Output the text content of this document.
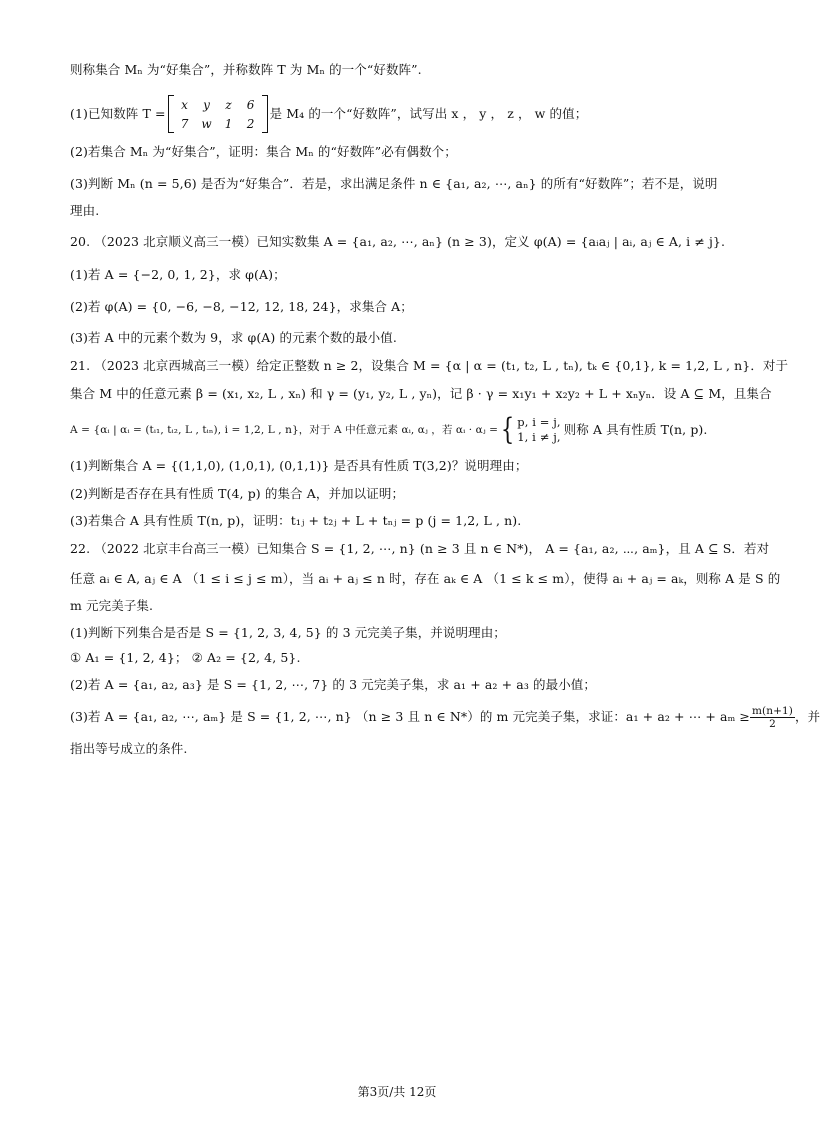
则称集合 Mₙ 为“好集合”，并称数阵 T 为 Mₙ 的一个“好数阵”.
(1)已知数阵 T =
x y z 6
7 w 1 2
是 M₄ 的一个“好数阵”，试写出 x ， y ， z ， w 的值；
(2)若集合 Mₙ 为“好集合”，证明：集合 Mₙ 的“好数阵”必有偶数个；
(3)判断 Mₙ (n = 5,6) 是否为“好集合”．若是，求出满足条件 n ∈ {a₁, a₂, ⋯, aₙ} 的所有“好数阵”；若不是，说明
理由.
20. （2023 北京顺义高三一模）已知实数集 A = {a₁, a₂, ⋯, aₙ} (n ≥ 3)，定义 φ(A) = {aᵢaⱼ | aᵢ, aⱼ ∈ A, i ≠ j}.
(1)若 A = {−2, 0, 1, 2}，求 φ(A)；
(2)若 φ(A) = {0, −6, −8, −12, 12, 18, 24}，求集合 A；
(3)若 A 中的元素个数为 9，求 φ(A) 的元素个数的最小值.
21. （2023 北京西城高三一模）给定正整数 n ≥ 2，设集合 M = {α | α = (t₁, t₂, L , tₙ), tₖ ∈ {0,1}, k = 1,2, L , n}．对于
集合 M 中的任意元素 β = (x₁, x₂, L , xₙ) 和 γ = (y₁, y₂, L , yₙ)，记 β · γ = x₁y₁ + x₂y₂ + L + xₙyₙ．设 A ⊆ M，且集合
A = {αᵢ | αᵢ = (tᵢ₁, tᵢ₂, L , tᵢₙ), i = 1,2, L , n}，对于 A 中任意元素 αᵢ, αⱼ ，若 αᵢ · αⱼ = { p, i = j,
1, i ≠ j, 则称 A 具有性质 T(n, p).
(1)判断集合 A = {(1,1,0), (1,0,1), (0,1,1)} 是否具有性质 T(3,2)？说明理由；
(2)判断是否存在具有性质 T(4, p) 的集合 A，并加以证明；
(3)若集合 A 具有性质 T(n, p)，证明：t₁ⱼ + t₂ⱼ + L + tₙⱼ = p (j = 1,2, L , n).
22. （2022 北京丰台高三一模）已知集合 S = {1, 2, ⋯, n} (n ≥ 3 且 n ∈ N*)， A = {a₁, a₂, ⋯, aₘ}，且 A ⊆ S．若对
任意 aᵢ ∈ A, aⱼ ∈ A （1 ≤ i ≤ j ≤ m），当 aᵢ + aⱼ ≤ n 时，存在 aₖ ∈ A （1 ≤ k ≤ m），使得 aᵢ + aⱼ = aₖ，则称 A 是 S 的
m 元完美子集.
(1)判断下列集合是否是 S = {1, 2, 3, 4, 5} 的 3 元完美子集，并说明理由；
① A₁ = {1, 2, 4}； ② A₂ = {2, 4, 5}.
(2)若 A = {a₁, a₂, a₃} 是 S = {1, 2, ⋯, 7} 的 3 元完美子集，求 a₁ + a₂ + a₃ 的最小值；
(3)若 A = {a₁, a₂, ⋯, aₘ} 是 S = {1, 2, ⋯, n} （n ≥ 3 且 n ∈ N*）的 m 元完美子集，求证：a₁ + a₂ + ⋯ + $a_m \ge \frac{m(n+1)}{2}$ ，并
指出等号成立的条件.
第3页/共 12页
